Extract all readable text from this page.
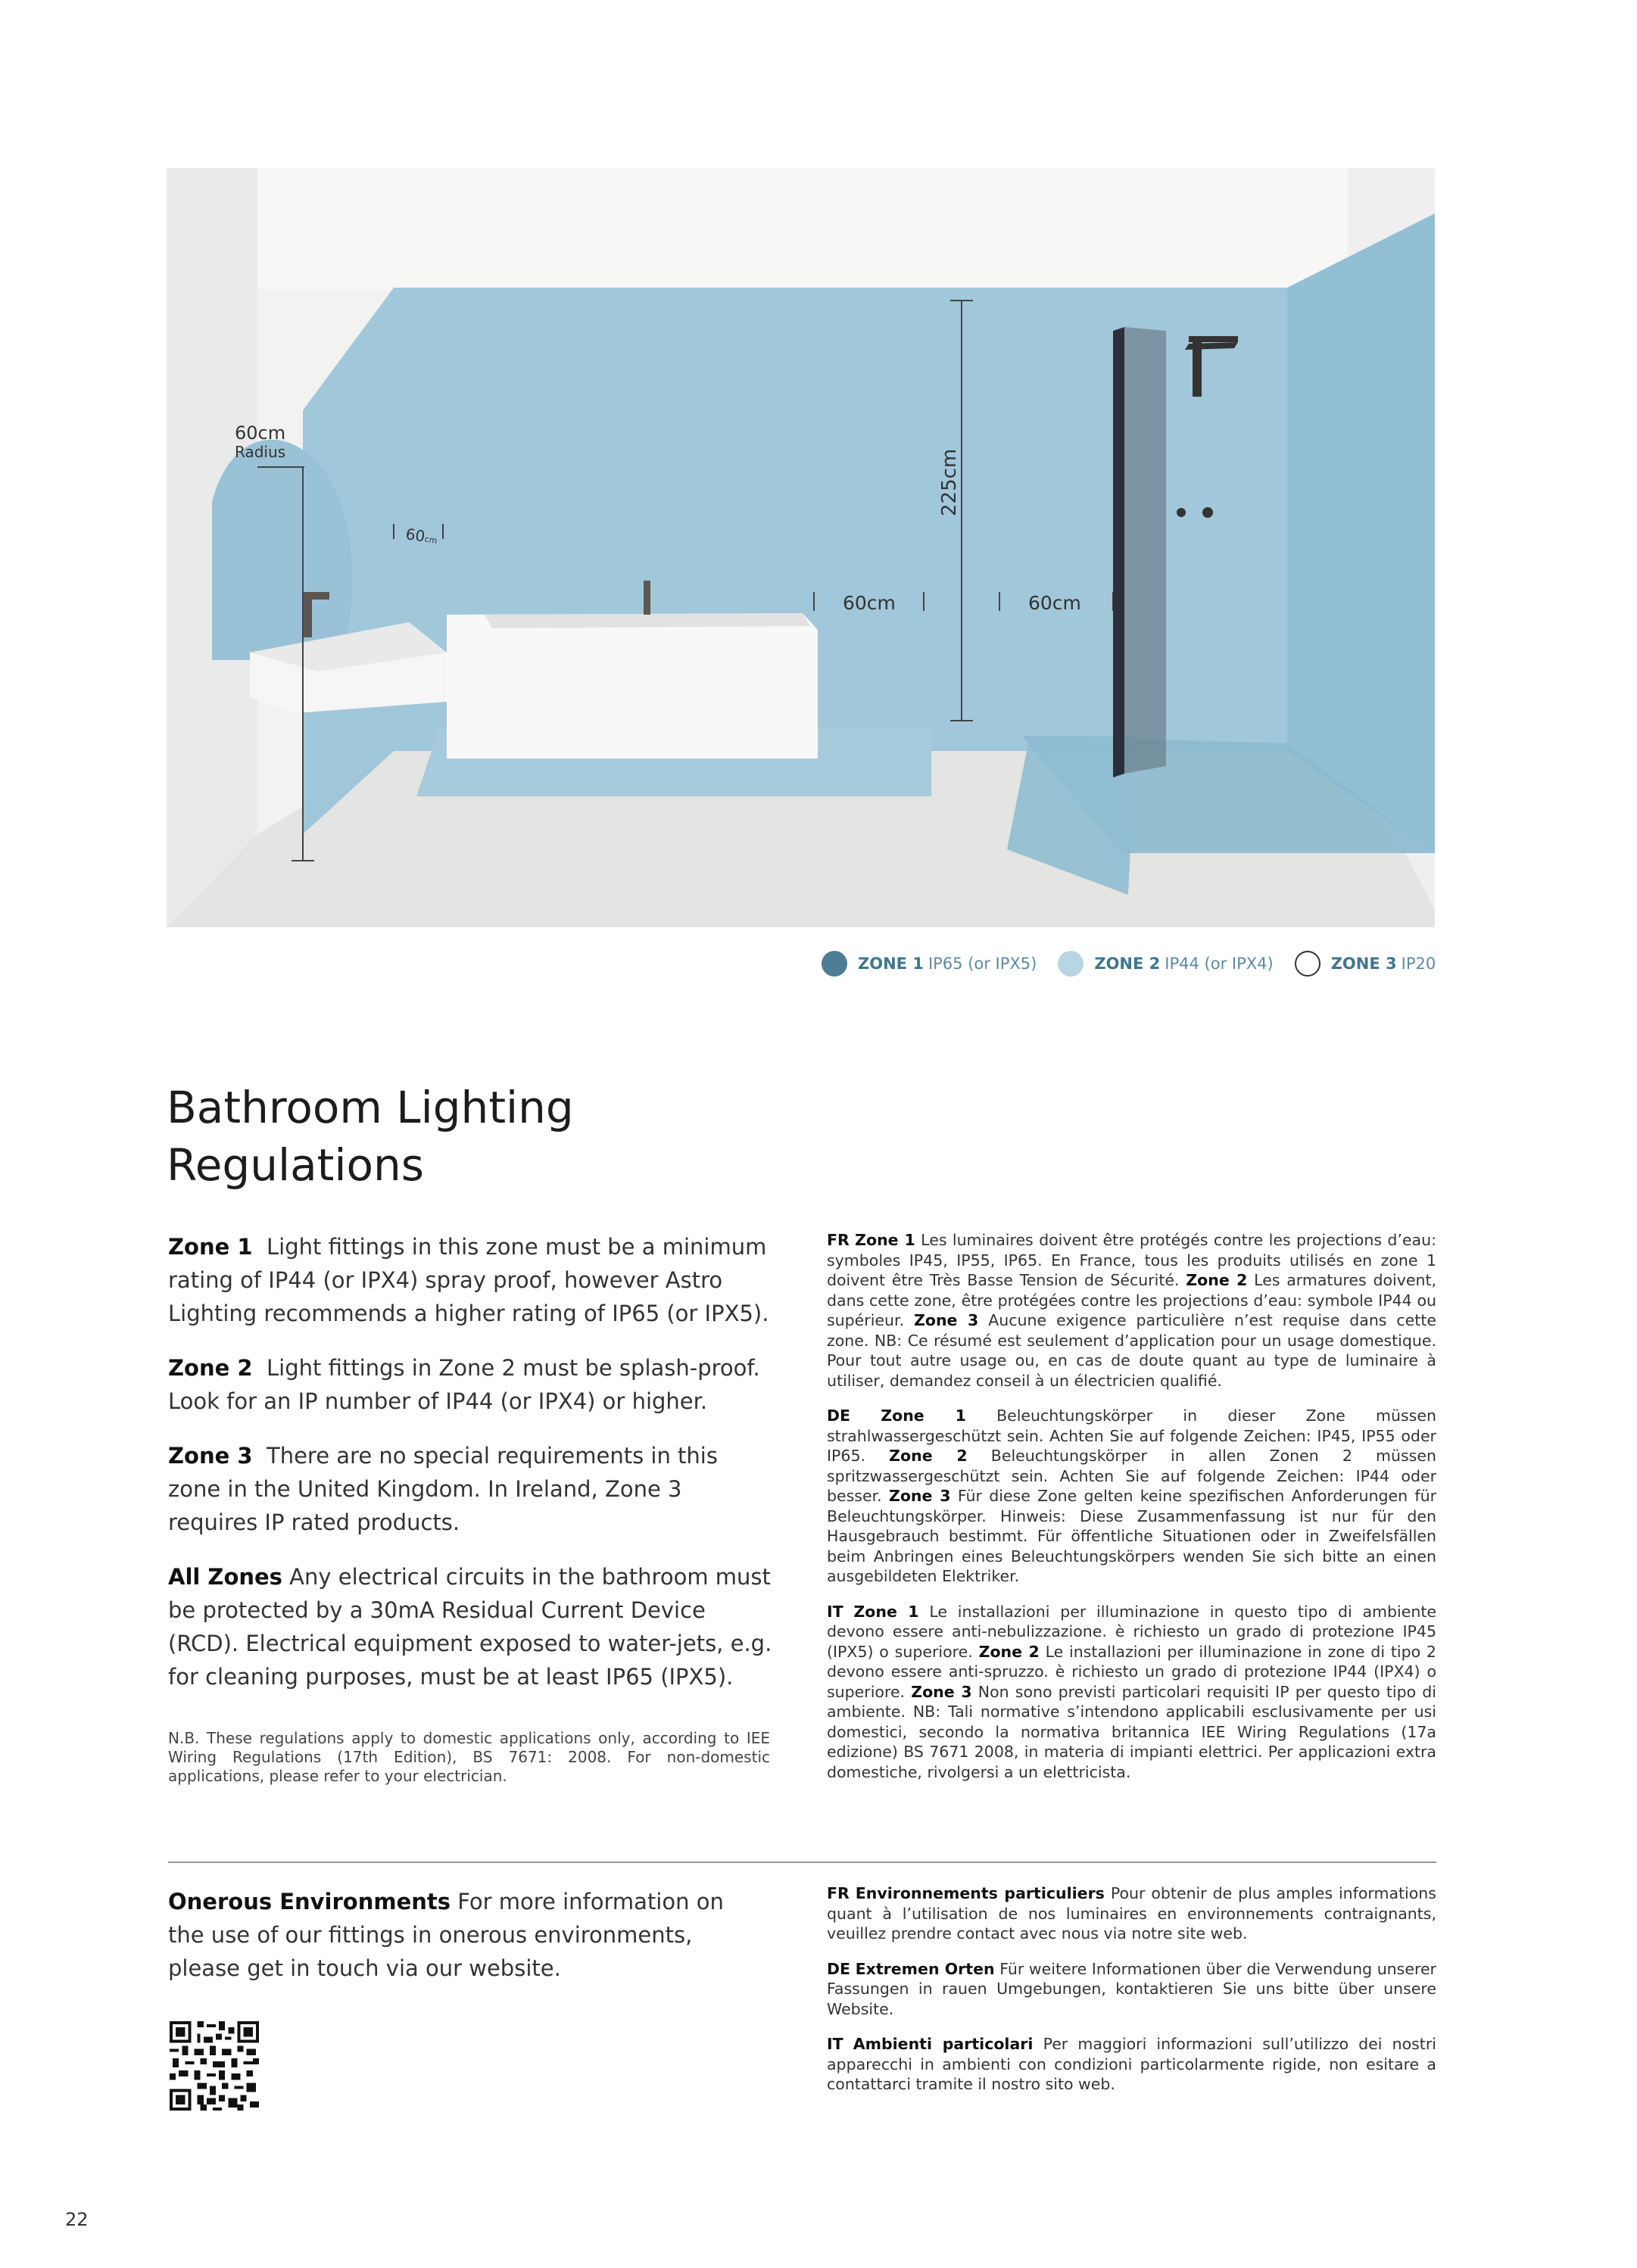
60cm
Radius
60cm
225cm
60cm	60cm
ZONE 1 IP65 (or IPX5)	ZONE 2 IP44 (or IPX4)	ZONE 3 IP20
Bathroom Lighting Regulations

Zone 1 Light fittings in this zone must be a minimum rating of IP44 (or IPX4) spray proof, however Astro Lighting recommends a higher rating of IP65 (or IPX5).

Zone 2 Light fittings in Zone 2 must be splash-proof. Look for an IP number of IP44 (or IPX4) or higher.

Zone 3 There are no special requirements in this zone in the United Kingdom. In Ireland, Zone 3 requires IP rated products.

All Zones Any electrical circuits in the bathroom must be protected by a 30mA Residual Current Device (RCD). Electrical equipment exposed to water-jets, e.g. for cleaning purposes, must be at least IP65 (IPX5).

N.B. These regulations apply to domestic applications only, according to IEE Wiring Regulations (17th Edition), BS 7671: 2008. For non-domestic applications, please refer to your electrician.

FR Zone 1 Les luminaires doivent être protégés contre les projections d’eau: symboles IP45, IP55, IP65. En France, tous les produits utilisés en zone 1 doivent être Très Basse Tension de Sécurité. Zone 2 Les armatures doivent, dans cette zone, être protégées contre les projections d’eau: symbole IP44 ou supérieur. Zone 3 Aucune exigence particulière n’est requise dans cette zone. NB: Ce résumé est seulement d’application pour un usage domestique. Pour tout autre usage ou, en cas de doute quant au type de luminaire à utiliser, demandez conseil à un électricien qualifié.

DE Zone 1 Beleuchtungskörper in dieser Zone müssen strahlwassergeschützt sein. Achten Sie auf folgende Zeichen: IP45, IP55 oder IP65. Zone 2 Beleuchtungskörper in allen Zonen 2 müssen spritzwassergeschützt sein. Achten Sie auf folgende Zeichen: IP44 oder besser. Zone 3 Für diese Zone gelten keine spezifischen Anforderungen für Beleuchtungskörper. Hinweis: Diese Zusammenfassung ist nur für den Hausgebrauch bestimmt. Für öffentliche Situationen oder in Zweifelsfällen beim Anbringen eines Beleuchtungskörpers wenden Sie sich bitte an einen ausgebildeten Elektriker.

IT Zone 1 Le installazioni per illuminazione in questo tipo di ambiente devono essere anti-nebulizzazione. è richiesto un grado di protezione IP45 (IPX5) o superiore. Zone 2 Le installazioni per illuminazione in zone di tipo 2 devono essere anti-spruzzo. è richiesto un grado di protezione IP44 (IPX4) o superiore. Zone 3 Non sono previsti particolari requisiti IP per questo tipo di ambiente. NB: Tali normative s’intendono applicabili esclusivamente per usi domestici, secondo la normativa britannica IEE Wiring Regulations (17a edizione) BS 7671 2008, in materia di impianti elettrici. Per applicazioni extra domestiche, rivolgersi a un elettricista.

Onerous Environments For more information on the use of our fittings in onerous environments, please get in touch via our website.

FR Environnements particuliers Pour obtenir de plus amples informations quant à l’utilisation de nos luminaires en environnements contraignants, veuillez prendre contact avec nous via notre site web.

DE Extremen Orten Für weitere Informationen über die Verwendung unserer Fassungen in rauen Umgebungen, kontaktieren Sie uns bitte über unsere Website.

IT Ambienti particolari Per maggiori informazioni sull’utilizzo dei nostri apparecchi in ambienti con condizioni particolarmente rigide, non esitare a contattarci tramite il nostro sito web.

22
